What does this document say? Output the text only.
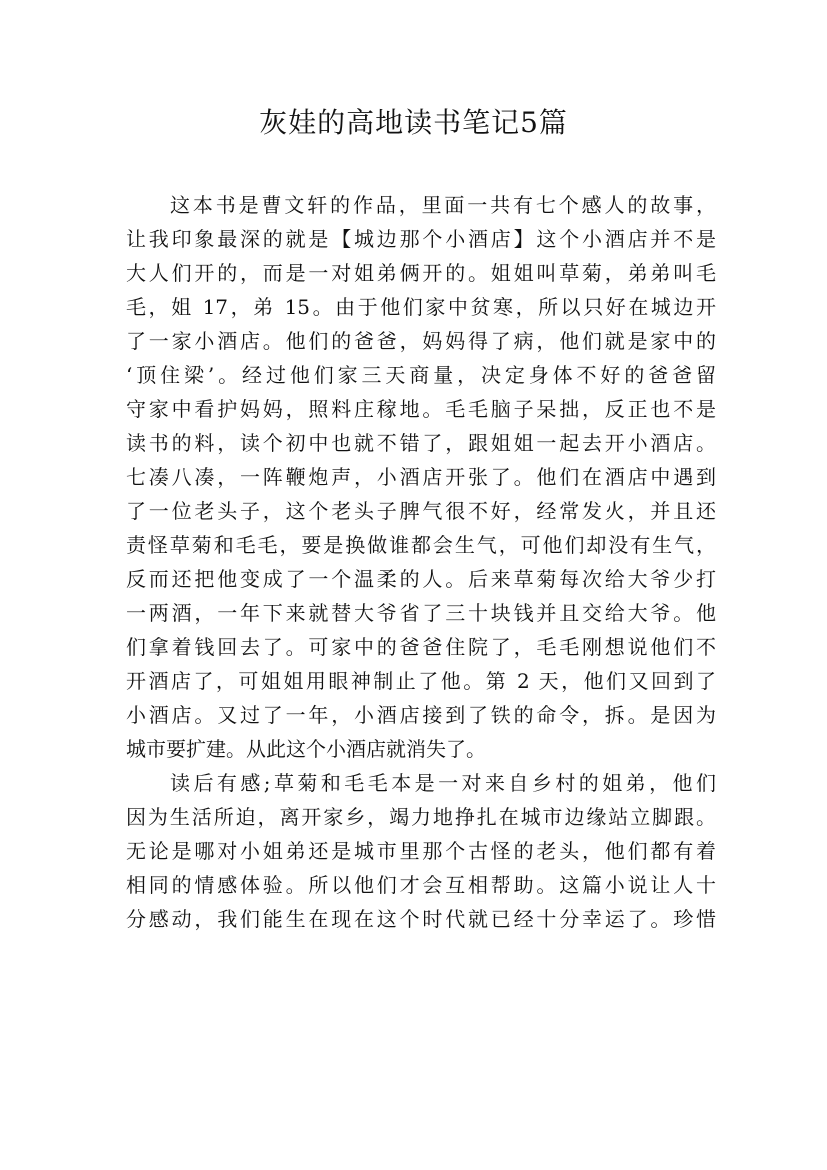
灰娃的高地读书笔记5篇
这本书是曹文轩的作品，里面一共有七个感人的故事，
让我印象最深的就是【城边那个小酒店】这个小酒店并不是
大人们开的，而是一对姐弟俩开的。姐姐叫草菊，弟弟叫毛
毛，姐 17，弟 15。由于他们家中贫寒，所以只好在城边开
了一家小酒店。他们的爸爸，妈妈得了病，他们就是家中的
‘顶住梁’。经过他们家三天商量，决定身体不好的爸爸留
守家中看护妈妈，照料庄稼地。毛毛脑子呆拙，反正也不是
读书的料，读个初中也就不错了，跟姐姐一起去开小酒店。
七凑八凑，一阵鞭炮声，小酒店开张了。他们在酒店中遇到
了一位老头子，这个老头子脾气很不好，经常发火，并且还
责怪草菊和毛毛，要是换做谁都会生气，可他们却没有生气，
反而还把他变成了一个温柔的人。后来草菊每次给大爷少打
一两酒，一年下来就替大爷省了三十块钱并且交给大爷。他
们拿着钱回去了。可家中的爸爸住院了，毛毛刚想说他们不
开酒店了，可姐姐用眼神制止了他。第 2 天，他们又回到了
小酒店。又过了一年，小酒店接到了铁的命令，拆。是因为
城市要扩建。从此这个小酒店就消失了。
读后有感;草菊和毛毛本是一对来自乡村的姐弟，他们
因为生活所迫，离开家乡，竭力地挣扎在城市边缘站立脚跟。
无论是哪对小姐弟还是城市里那个古怪的老头，他们都有着
相同的情感体验。所以他们才会互相帮助。这篇小说让人十
分感动，我们能生在现在这个时代就已经十分幸运了。珍惜
